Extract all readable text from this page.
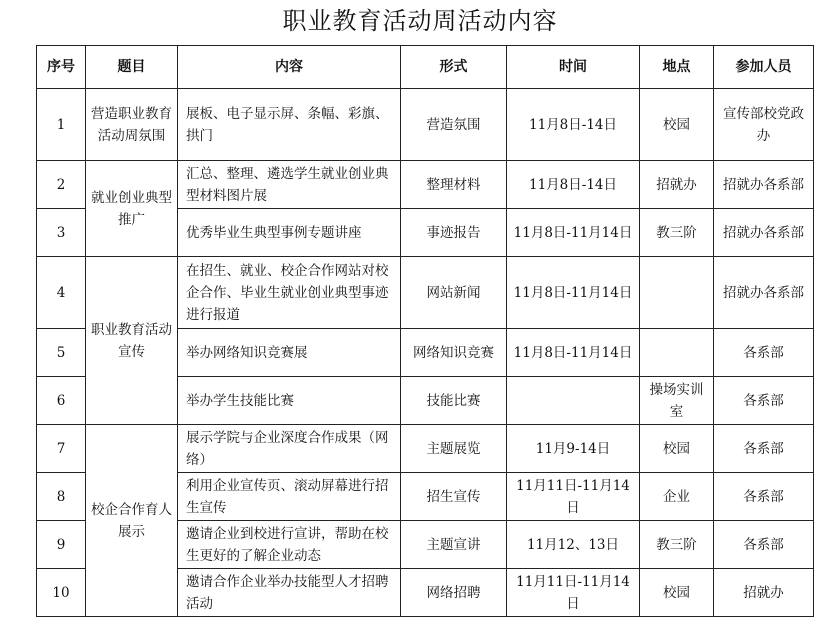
职业教育活动周活动内容
序号	题目	内容	形式	时间	地点	参加人员
1	营造职业教育活动周氛围	展板、电子显示屏、条幅、彩旗、拱门	营造氛围	11月8日-14日	校园	宣传部校党政办
2	就业创业典型推广	汇总、整理、遴选学生就业创业典型材料图片展	整理材料	11月8日-14日	招就办	招就办各系部
3		优秀毕业生典型事例专题讲座	事迹报告	11月8日-11月14日	教三阶	招就办各系部
4	职业教育活动宣传	在招生、就业、校企合作网站对校企合作、毕业生就业创业典型事迹进行报道	网站新闻	11月8日-11月14日		招就办各系部
5		举办网络知识竞赛展	网络知识竞赛	11月8日-11月14日		各系部
6		举办学生技能比赛	技能比赛		操场实训室	各系部
7	校企合作育人展示	展示学院与企业深度合作成果（网络）	主题展览	11月9-14日	校园	各系部
8		利用企业宣传页、滚动屏幕进行招生宣传	招生宣传	11月11日-11月14日	企业	各系部
9		邀请企业到校进行宣讲，帮助在校生更好的了解企业动态	主题宣讲	11月12、13日	教三阶	各系部
10		邀请合作企业举办技能型人才招聘活动	网络招聘	11月11日-11月14日	校园	招就办
